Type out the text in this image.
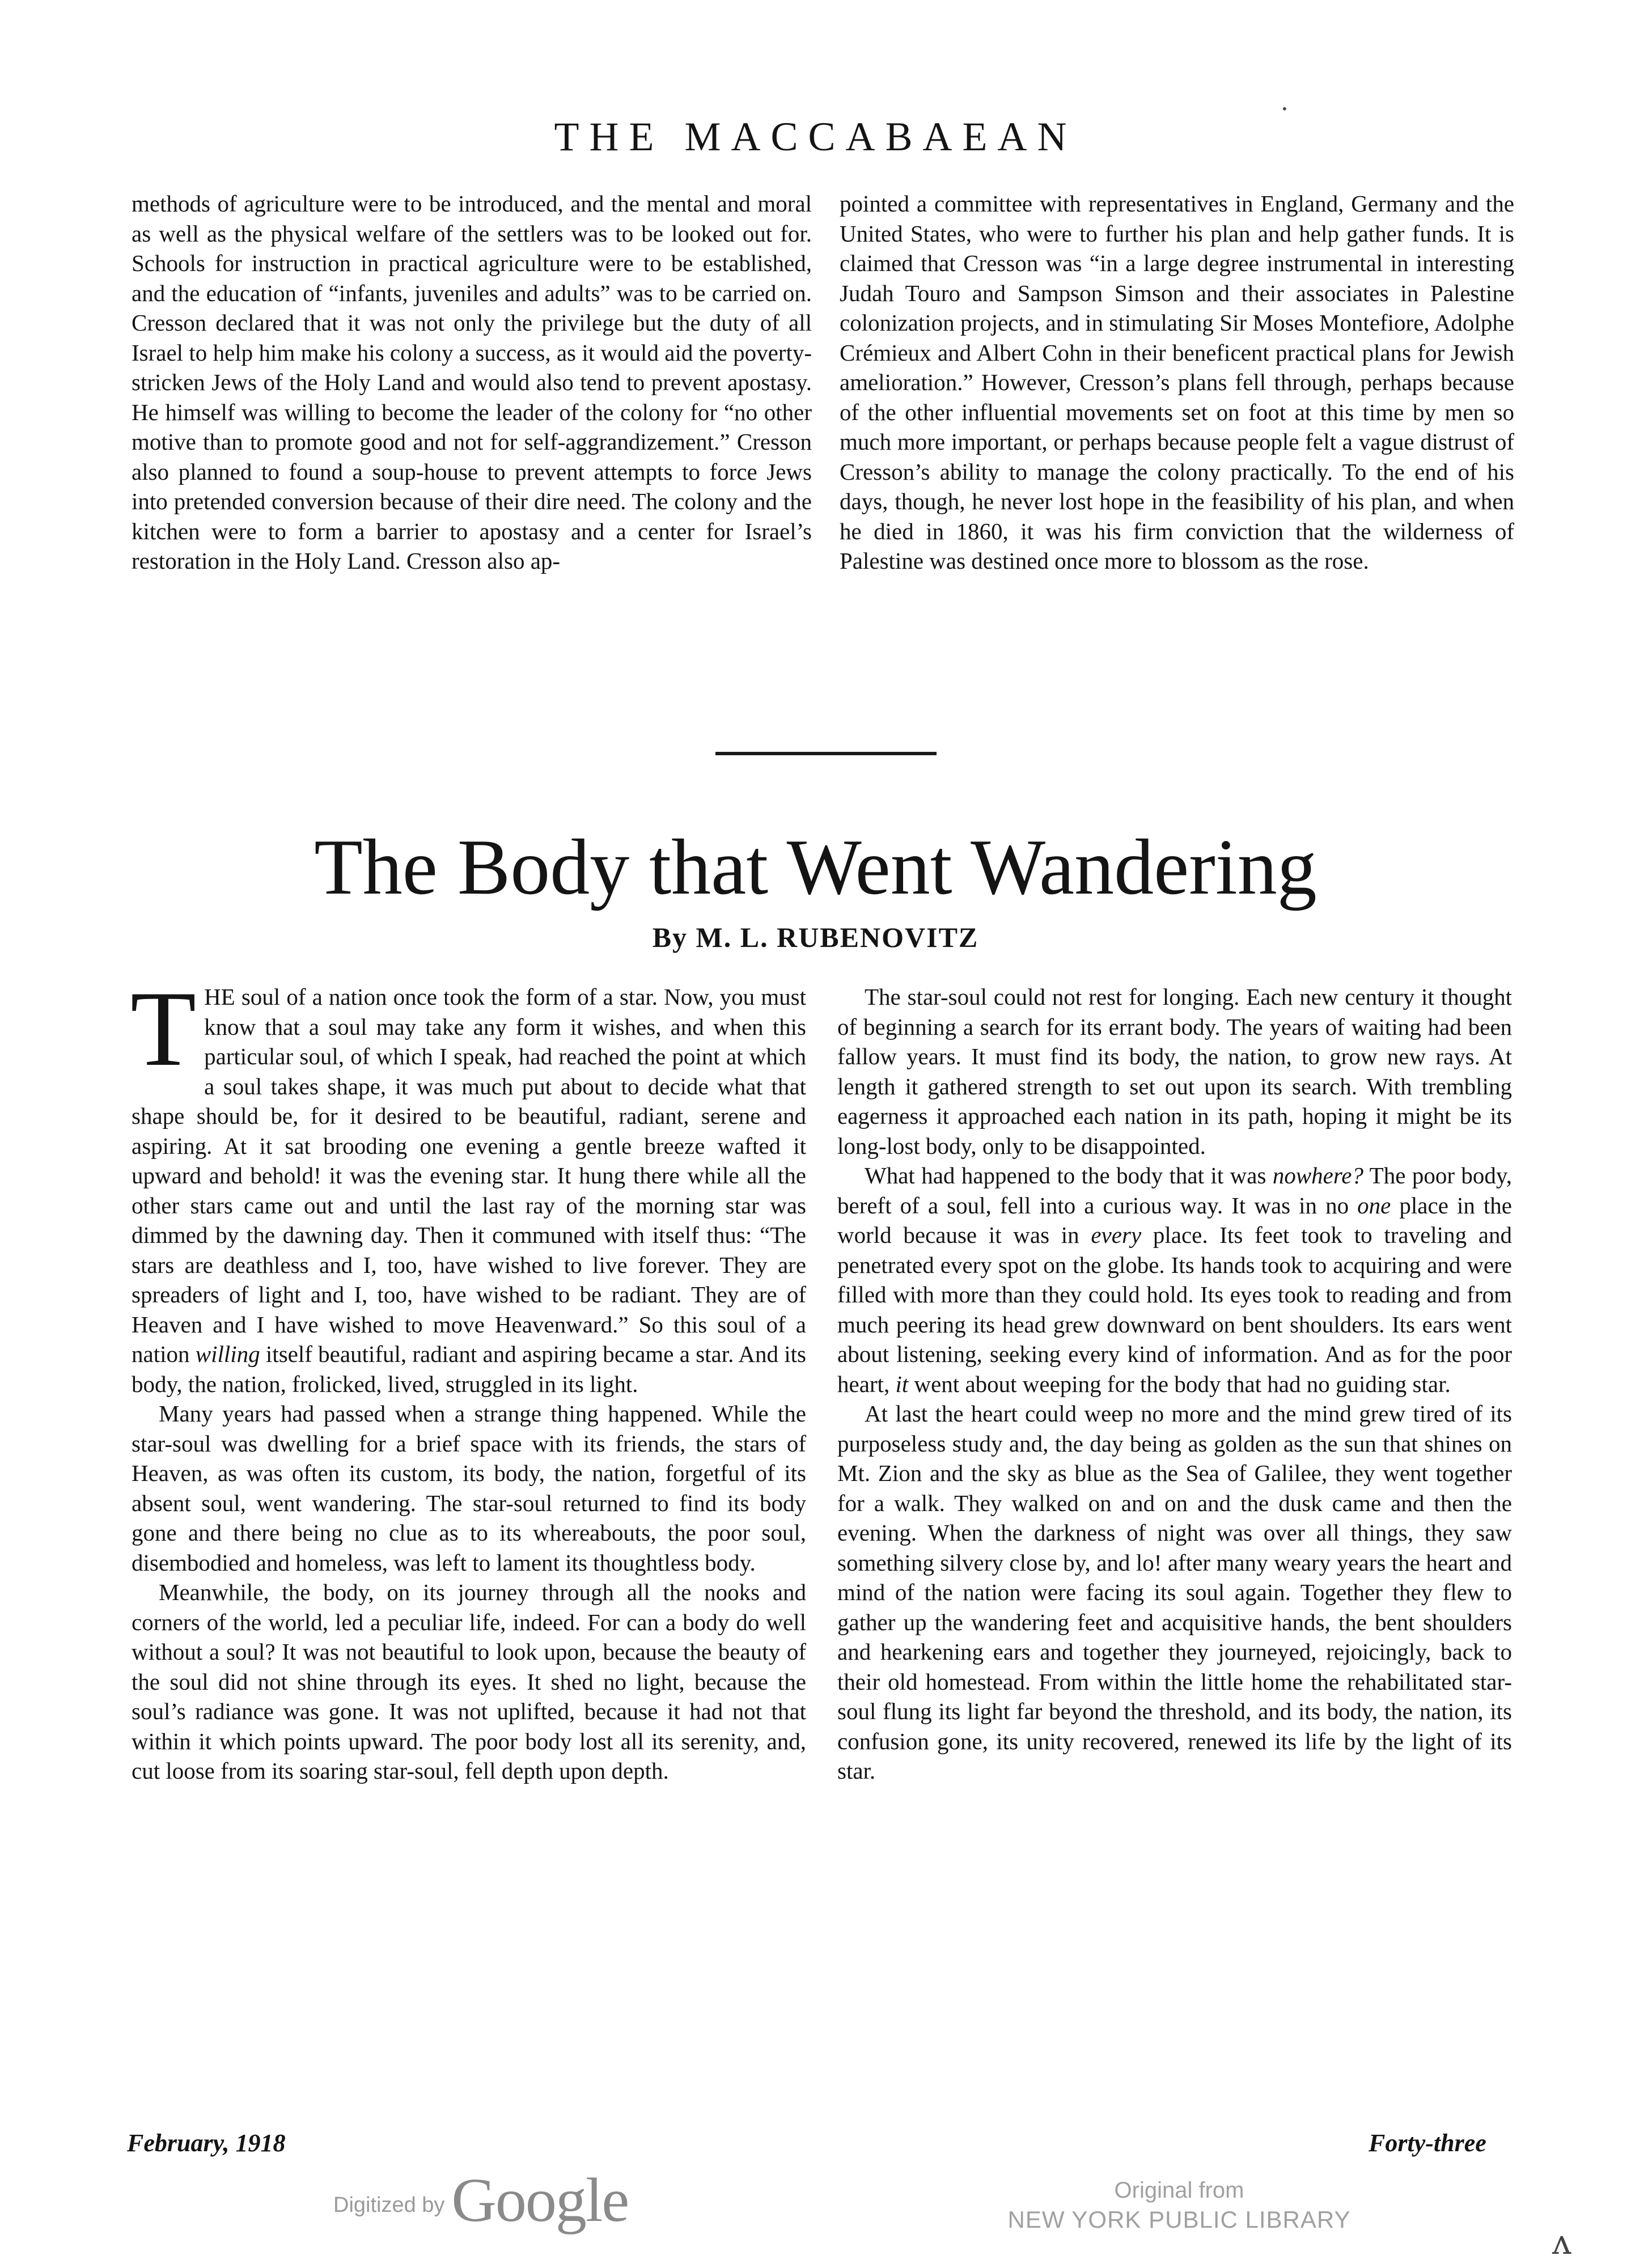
THE MACCABAEAN

methods of agriculture were to be introduced, and the mental and moral as well as the physical welfare of the settlers was to be looked out for. Schools for instruction in practical agriculture were to be established, and the education of “infants, juveniles and adults” was to be carried on. Cresson declared that it was not only the privilege but the duty of all Israel to help him make his colony a success, as it would aid the poverty-stricken Jews of the Holy Land and would also tend to prevent apostasy. He himself was willing to become the leader of the colony for “no other motive than to promote good and not for self-aggrandizement.” Cresson also planned to found a soup-house to prevent attempts to force Jews into pretended conversion because of their dire need. The colony and the kitchen were to form a barrier to apostasy and a center for Israel’s restoration in the Holy Land. Cresson also ap-

pointed a committee with representatives in England, Germany and the United States, who were to further his plan and help gather funds. It is claimed that Cresson was “in a large degree instrumental in interesting Judah Touro and Sampson Simson and their associates in Palestine colonization projects, and in stimulating Sir Moses Montefiore, Adolphe Crémieux and Albert Cohn in their beneficent practical plans for Jewish amelioration.” However, Cresson’s plans fell through, perhaps because of the other influential movements set on foot at this time by men so much more important, or perhaps because people felt a vague distrust of Cresson’s ability to manage the colony practically. To the end of his days, though, he never lost hope in the feasibility of his plan, and when he died in 1860, it was his firm conviction that the wilderness of Palestine was destined once more to blossom as the rose.

The Body that Went Wandering
By M. L. RUBENOVITZ

THE soul of a nation once took the form of a star. Now, you must know that a soul may take any form it wishes, and when this particular soul, of which I speak, had reached the point at which a soul takes shape, it was much put about to decide what that shape should be, for it desired to be beautiful, radiant, serene and aspiring. At it sat brooding one evening a gentle breeze wafted it upward and behold! it was the evening star. It hung there while all the other stars came out and until the last ray of the morning star was dimmed by the dawning day. Then it communed with itself thus: “The stars are deathless and I, too, have wished to live forever. They are spreaders of light and I, too, have wished to be radiant. They are of Heaven and I have wished to move Heavenward.” So this soul of a nation willing itself beautiful, radiant and aspiring became a star. And its body, the nation, frolicked, lived, struggled in its light.

Many years had passed when a strange thing happened. While the star-soul was dwelling for a brief space with its friends, the stars of Heaven, as was often its custom, its body, the nation, forgetful of its absent soul, went wandering. The star-soul returned to find its body gone and there being no clue as to its whereabouts, the poor soul, disembodied and homeless, was left to lament its thoughtless body.

Meanwhile, the body, on its journey through all the nooks and corners of the world, led a peculiar life, indeed. For can a body do well without a soul? It was not beautiful to look upon, because the beauty of the soul did not shine through its eyes. It shed no light, because the soul’s radiance was gone. It was not uplifted, because it had not that within it which points upward. The poor body lost all its serenity, and, cut loose from its soaring star-soul, fell depth upon depth.

The star-soul could not rest for longing. Each new century it thought of beginning a search for its errant body. The years of waiting had been fallow years. It must find its body, the nation, to grow new rays. At length it gathered strength to set out upon its search. With trembling eagerness it approached each nation in its path, hoping it might be its long-lost body, only to be disappointed.

What had happened to the body that it was nowhere? The poor body, bereft of a soul, fell into a curious way. It was in no one place in the world because it was in every place. Its feet took to traveling and penetrated every spot on the globe. Its hands took to acquiring and were filled with more than they could hold. Its eyes took to reading and from much peering its head grew downward on bent shoulders. Its ears went about listening, seeking every kind of information. And as for the poor heart, it went about weeping for the body that had no guiding star.

At last the heart could weep no more and the mind grew tired of its purposeless study and, the day being as golden as the sun that shines on Mt. Zion and the sky as blue as the Sea of Galilee, they went together for a walk. They walked on and on and the dusk came and then the evening. When the darkness of night was over all things, they saw something silvery close by, and lo! after many weary years the heart and mind of the nation were facing its soul again. Together they flew to gather up the wandering feet and acquisitive hands, the bent shoulders and hearkening ears and together they journeyed, rejoicingly, back to their old homestead. From within the little home the rehabilitated star-soul flung its light far beyond the threshold, and its body, the nation, its confusion gone, its unity recovered, renewed its life by the light of its star.

February, 1918	Forty-three
Digitized by Google	Original from
NEW YORK PUBLIC LIBRARY
•
ʌ
